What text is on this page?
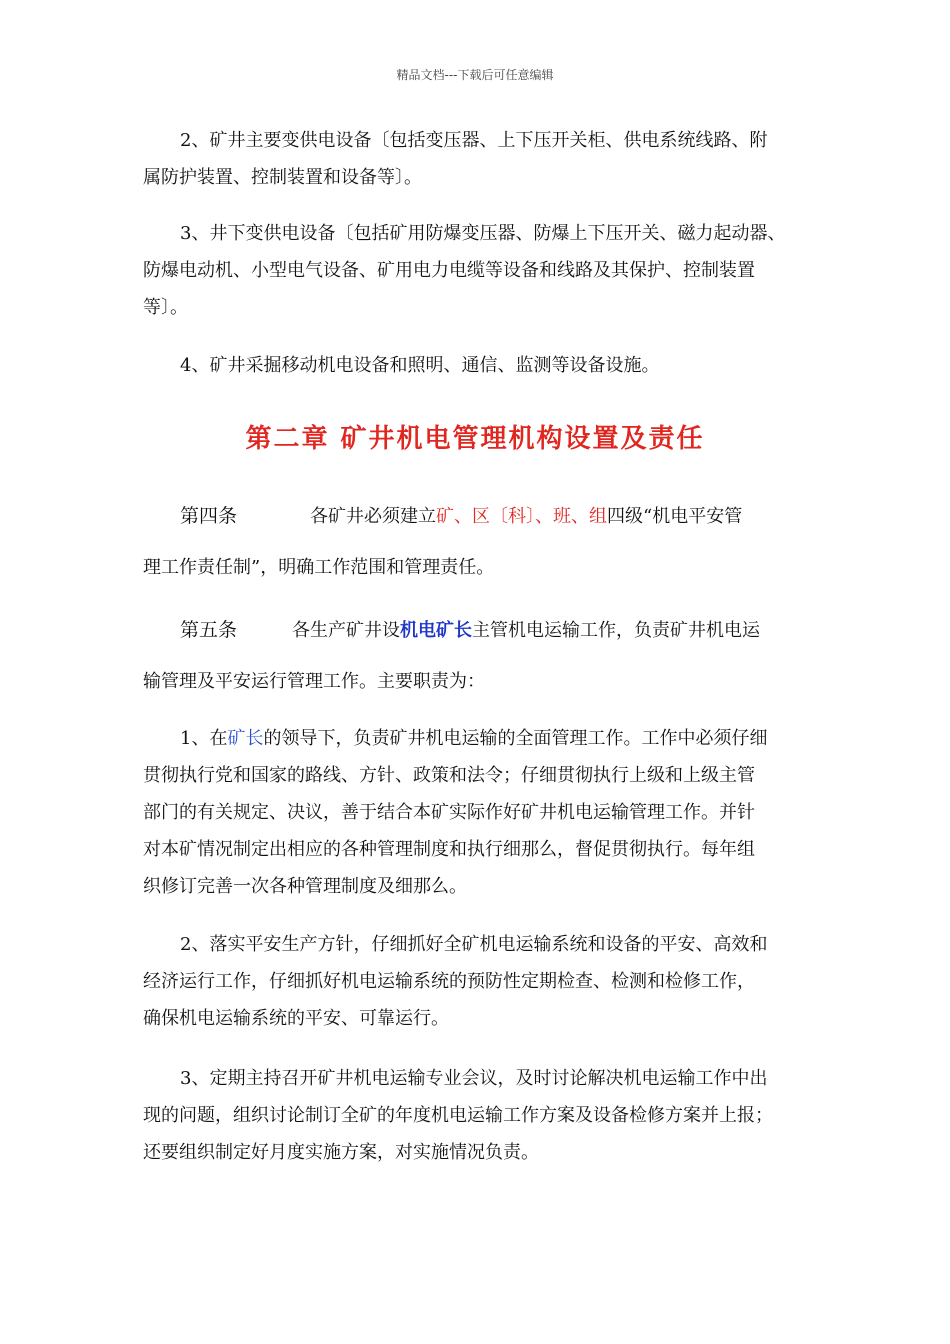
精品文档---下载后可任意编辑
2、矿井主要变供电设备〔包括变压器、上下压开关柜、供电系统线路、附
属防护装置、控制装置和设备等〕。
3、井下变供电设备〔包括矿用防爆变压器、防爆上下压开关、磁力起动器、
防爆电动机、小型电气设备、矿用电力电缆等设备和线路及其保护、控制装置
等〕。
4、矿井采掘移动机电设备和照明、通信、监测等设备设施。
第二章 矿井机电管理机构设置及责任
第四条	各矿井必须建立矿、区〔科〕、班、组四级“机电平安管
理工作责任制”，明确工作范围和管理责任。
第五条	各生产矿井设机电矿长主管机电运输工作，负责矿井机电运
输管理及平安运行管理工作。主要职责为：
1、在矿长的领导下，负责矿井机电运输的全面管理工作。工作中必须仔细
贯彻执行党和国家的路线、方针、政策和法令；仔细贯彻执行上级和上级主管
部门的有关规定、决议，善于结合本矿实际作好矿井机电运输管理工作。并针
对本矿情况制定出相应的各种管理制度和执行细那么，督促贯彻执行。每年组
织修订完善一次各种管理制度及细那么。
2、落实平安生产方针，仔细抓好全矿机电运输系统和设备的平安、高效和
经济运行工作，仔细抓好机电运输系统的预防性定期检查、检测和检修工作，
确保机电运输系统的平安、可靠运行。
3、定期主持召开矿井机电运输专业会议，及时讨论解决机电运输工作中出
现的问题，组织讨论制订全矿的年度机电运输工作方案及设备检修方案并上报；
还要组织制定好月度实施方案，对实施情况负责。
